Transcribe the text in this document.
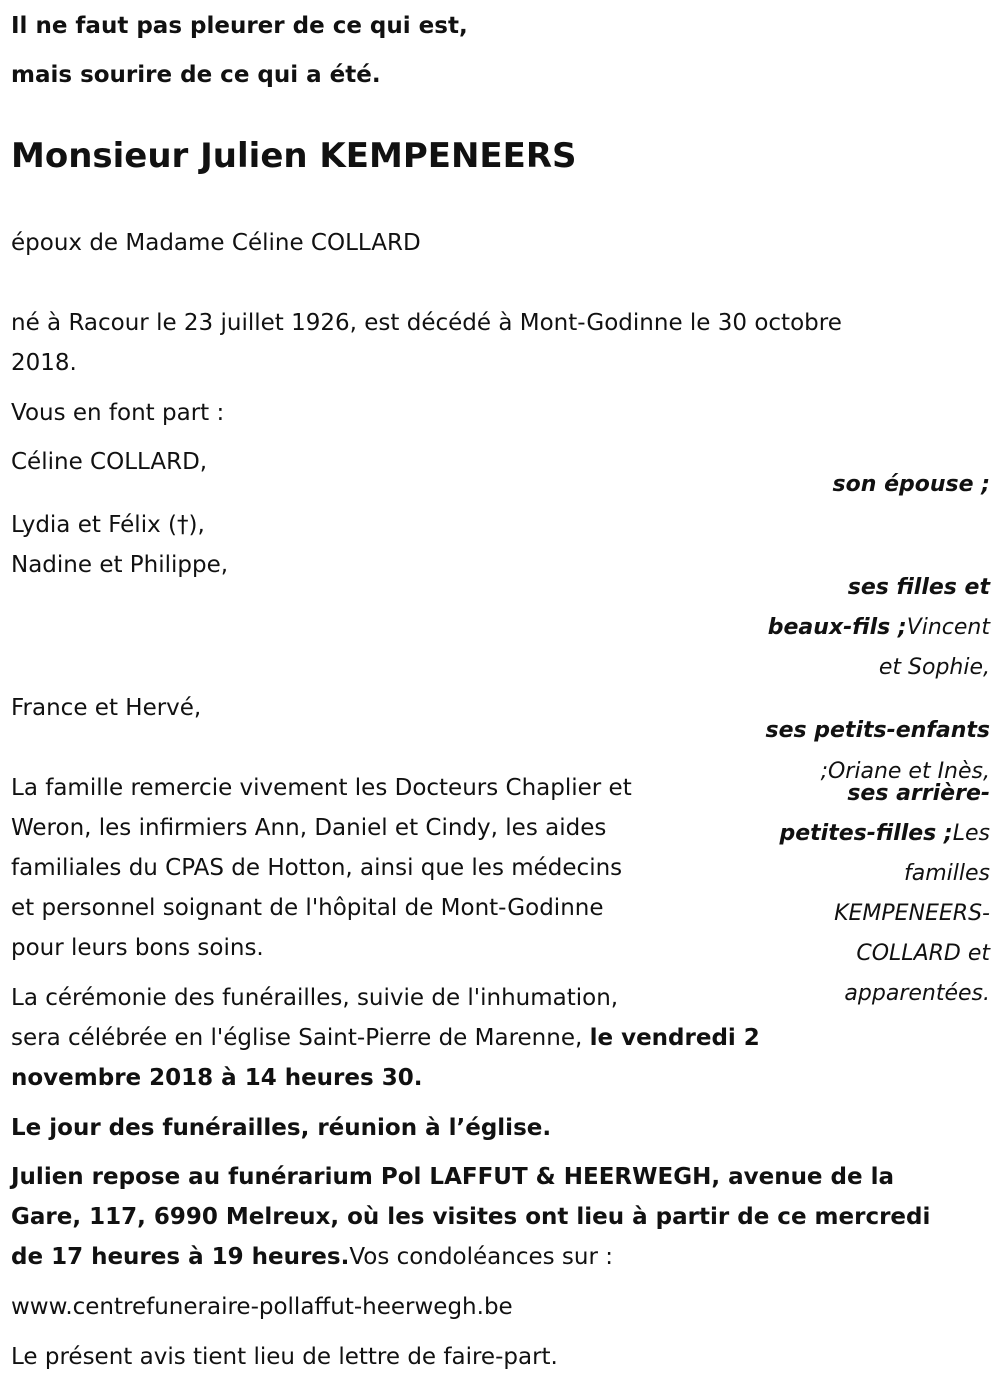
Il ne faut pas pleurer de ce qui est,

mais sourire de ce qui a été.

Monsieur Julien KEMPENEERS

époux de Madame Céline COLLARD

né à Racour le 23 juillet 1926, est décédé à Mont-Godinne le 30 octobre

2018.

Vous en font part :

Céline COLLARD,

Lydia et Félix (†),

Nadine et Philippe,

France et Hervé,

son épouse ;

ses filles et

beaux-fils ;Vincent

et Sophie,

ses petits-enfants

;Oriane et Inès,

ses arrière-

petites-filles ;Les

familles

KEMPENEERS-

COLLARD et

apparentées.

La famille remercie vivement les Docteurs Chaplier et

Weron, les infirmiers Ann, Daniel et Cindy, les aides

familiales du CPAS de Hotton, ainsi que les médecins

et personnel soignant de l'hôpital de Mont-Godinne

pour leurs bons soins.

La cérémonie des funérailles, suivie de l'inhumation,

sera célébrée en l'église Saint-Pierre de Marenne, le vendredi 2

novembre 2018 à 14 heures 30.

Le jour des funérailles, réunion à l’église.

Julien repose au funérarium Pol LAFFUT & HEERWEGH, avenue de la

Gare, 117, 6990 Melreux, où les visites ont lieu à partir de ce mercredi

de 17 heures à 19 heures.Vos condoléances sur :

www.centrefuneraire-pollaffut-heerwegh.be

Le présent avis tient lieu de lettre de faire-part.
